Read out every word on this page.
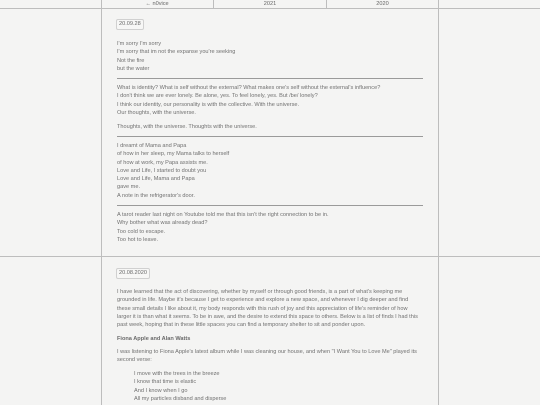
← n0vice	2021	2020
20.09.28

I'm sorry I'm sorry

I'm sorry that im not the expanse you're seeking

Not the fire

but the water

What is identity? What is self without the external? What makes one's self without the external's influence?

I don't think we are ever lonely. Be alone, yes. To feel lonely, yes. But /be/ lonely?

I think our identity, our personality is with the collective. With the universe.

Our thoughts, with the universe.

Thoughts, with the universe. Thoughts with the universe.

I dreamt of Mama and Papa

of how in her sleep, my Mama talks to herself

of how at work, my Papa assists me.

Love and Life, I started to doubt you

Love and Life, Mama and Papa

gave me.

A note in the refrigerator's door.

A tarot reader last night on Youtube told me that this isn't the right connection to be in.

Why bother what was already dead?

Too cold to escape.

Too hot to leave.

20.08.2020

I have learned that the act of discovering, whether by myself or through good friends, is a part of what's keeping me grounded in life. Maybe it's because I get to experience and explore a new space, and whenever I dig deeper and find these small details I like about it, my body responds with this rush of joy and this appreciation of life's reminder of how larger it is than what it seems. To be in awe, and the desire to extend this space to others. Below is a list of finds I had this past week, hoping that in these little spaces you can find a temporary shelter to sit and ponder upon.

Fiona Apple and Alan Watts
I was listening to Fiona Apple's latest album while I was cleaning our house, and when "I Want You to Love Me" played its second verse:

I move with the trees in the breeze

I know that time is elastic

And I know when I go

All my particles disband and disperse
